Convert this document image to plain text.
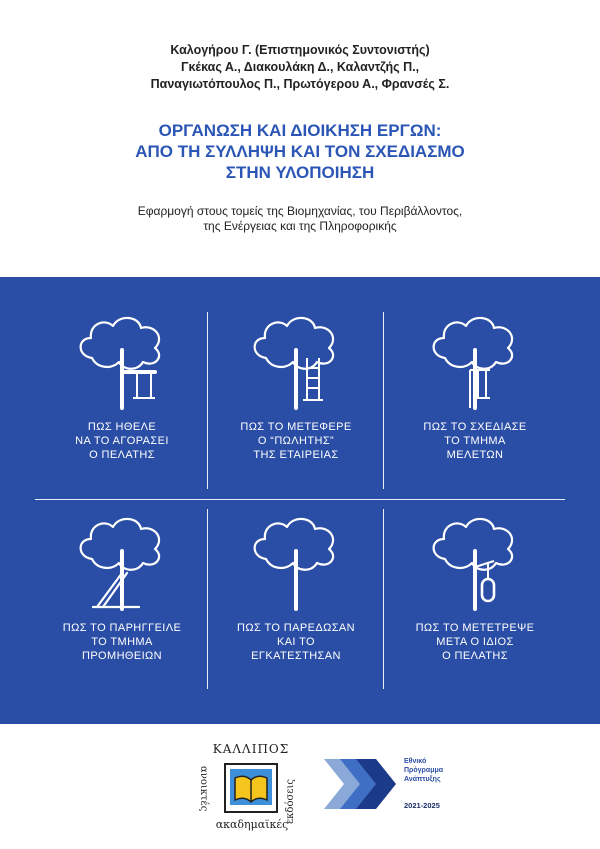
Καλογήρου Γ. (Επιστημονικός Συντονιστής)
Γκέκας Α., Διακουλάκη Δ., Καλαντζής Π.,
Παναγιωτόπουλος Π., Πρωτόγερου Α., Φρανσές Σ.
ΟΡΓΑΝΩΣΗ ΚΑΙ ΔΙΟΙΚΗΣΗ ΕΡΓΩΝ:
ΑΠΟ ΤΗ ΣΥΛΛΗΨΗ ΚΑΙ ΤΟΝ ΣΧΕΔΙΑΣΜΟ
ΣΤΗΝ ΥΛΟΠΟΙΗΣΗ
Εφαρμογή στους τομείς της Βιομηχανίας, του Περιβάλλοντος,
της Ενέργειας και της Πληροφορικής
ΠΩΣ ΗΘΕΛΕ
ΝΑ ΤΟ ΑΓΟΡΑΣΕΙ
Ο ΠΕΛΑΤΗΣ
ΠΩΣ ΤΟ ΜΕΤΕΦΕΡΕ
Ο “ΠΩΛΗΤΗΣ”
ΤΗΣ ΕΤΑΙΡΕΙΑΣ
ΠΩΣ ΤΟ ΣΧΕΔΙΑΣΕ
ΤΟ ΤΜΗΜΑ
ΜΕΛΕΤΩΝ
ΠΩΣ ΤΟ ΠΑΡΗΓΓΕΙΛΕ
ΤΟ ΤΜΗΜΑ
ΠΡΟΜΗΘΕΙΩΝ
ΠΩΣ ΤΟ ΠΑΡΕΔΩΣΑΝ
ΚΑΙ ΤΟ
ΕΓΚΑΤΕΣΤΗΣΑΝ
ΠΩΣ ΤΟ ΜΕΤΕΤΡΕΨΕ
ΜΕΤΑ Ο ΙΔΙΟΣ
Ο ΠΕΛΑΤΗΣ
ΚΑΛΛΙΠΟΣ
ανοικτές	εκδόσεις
ακαδημαϊκές
Εθνικό
Πρόγραμμα
Ανάπτυξης
2021-2025
